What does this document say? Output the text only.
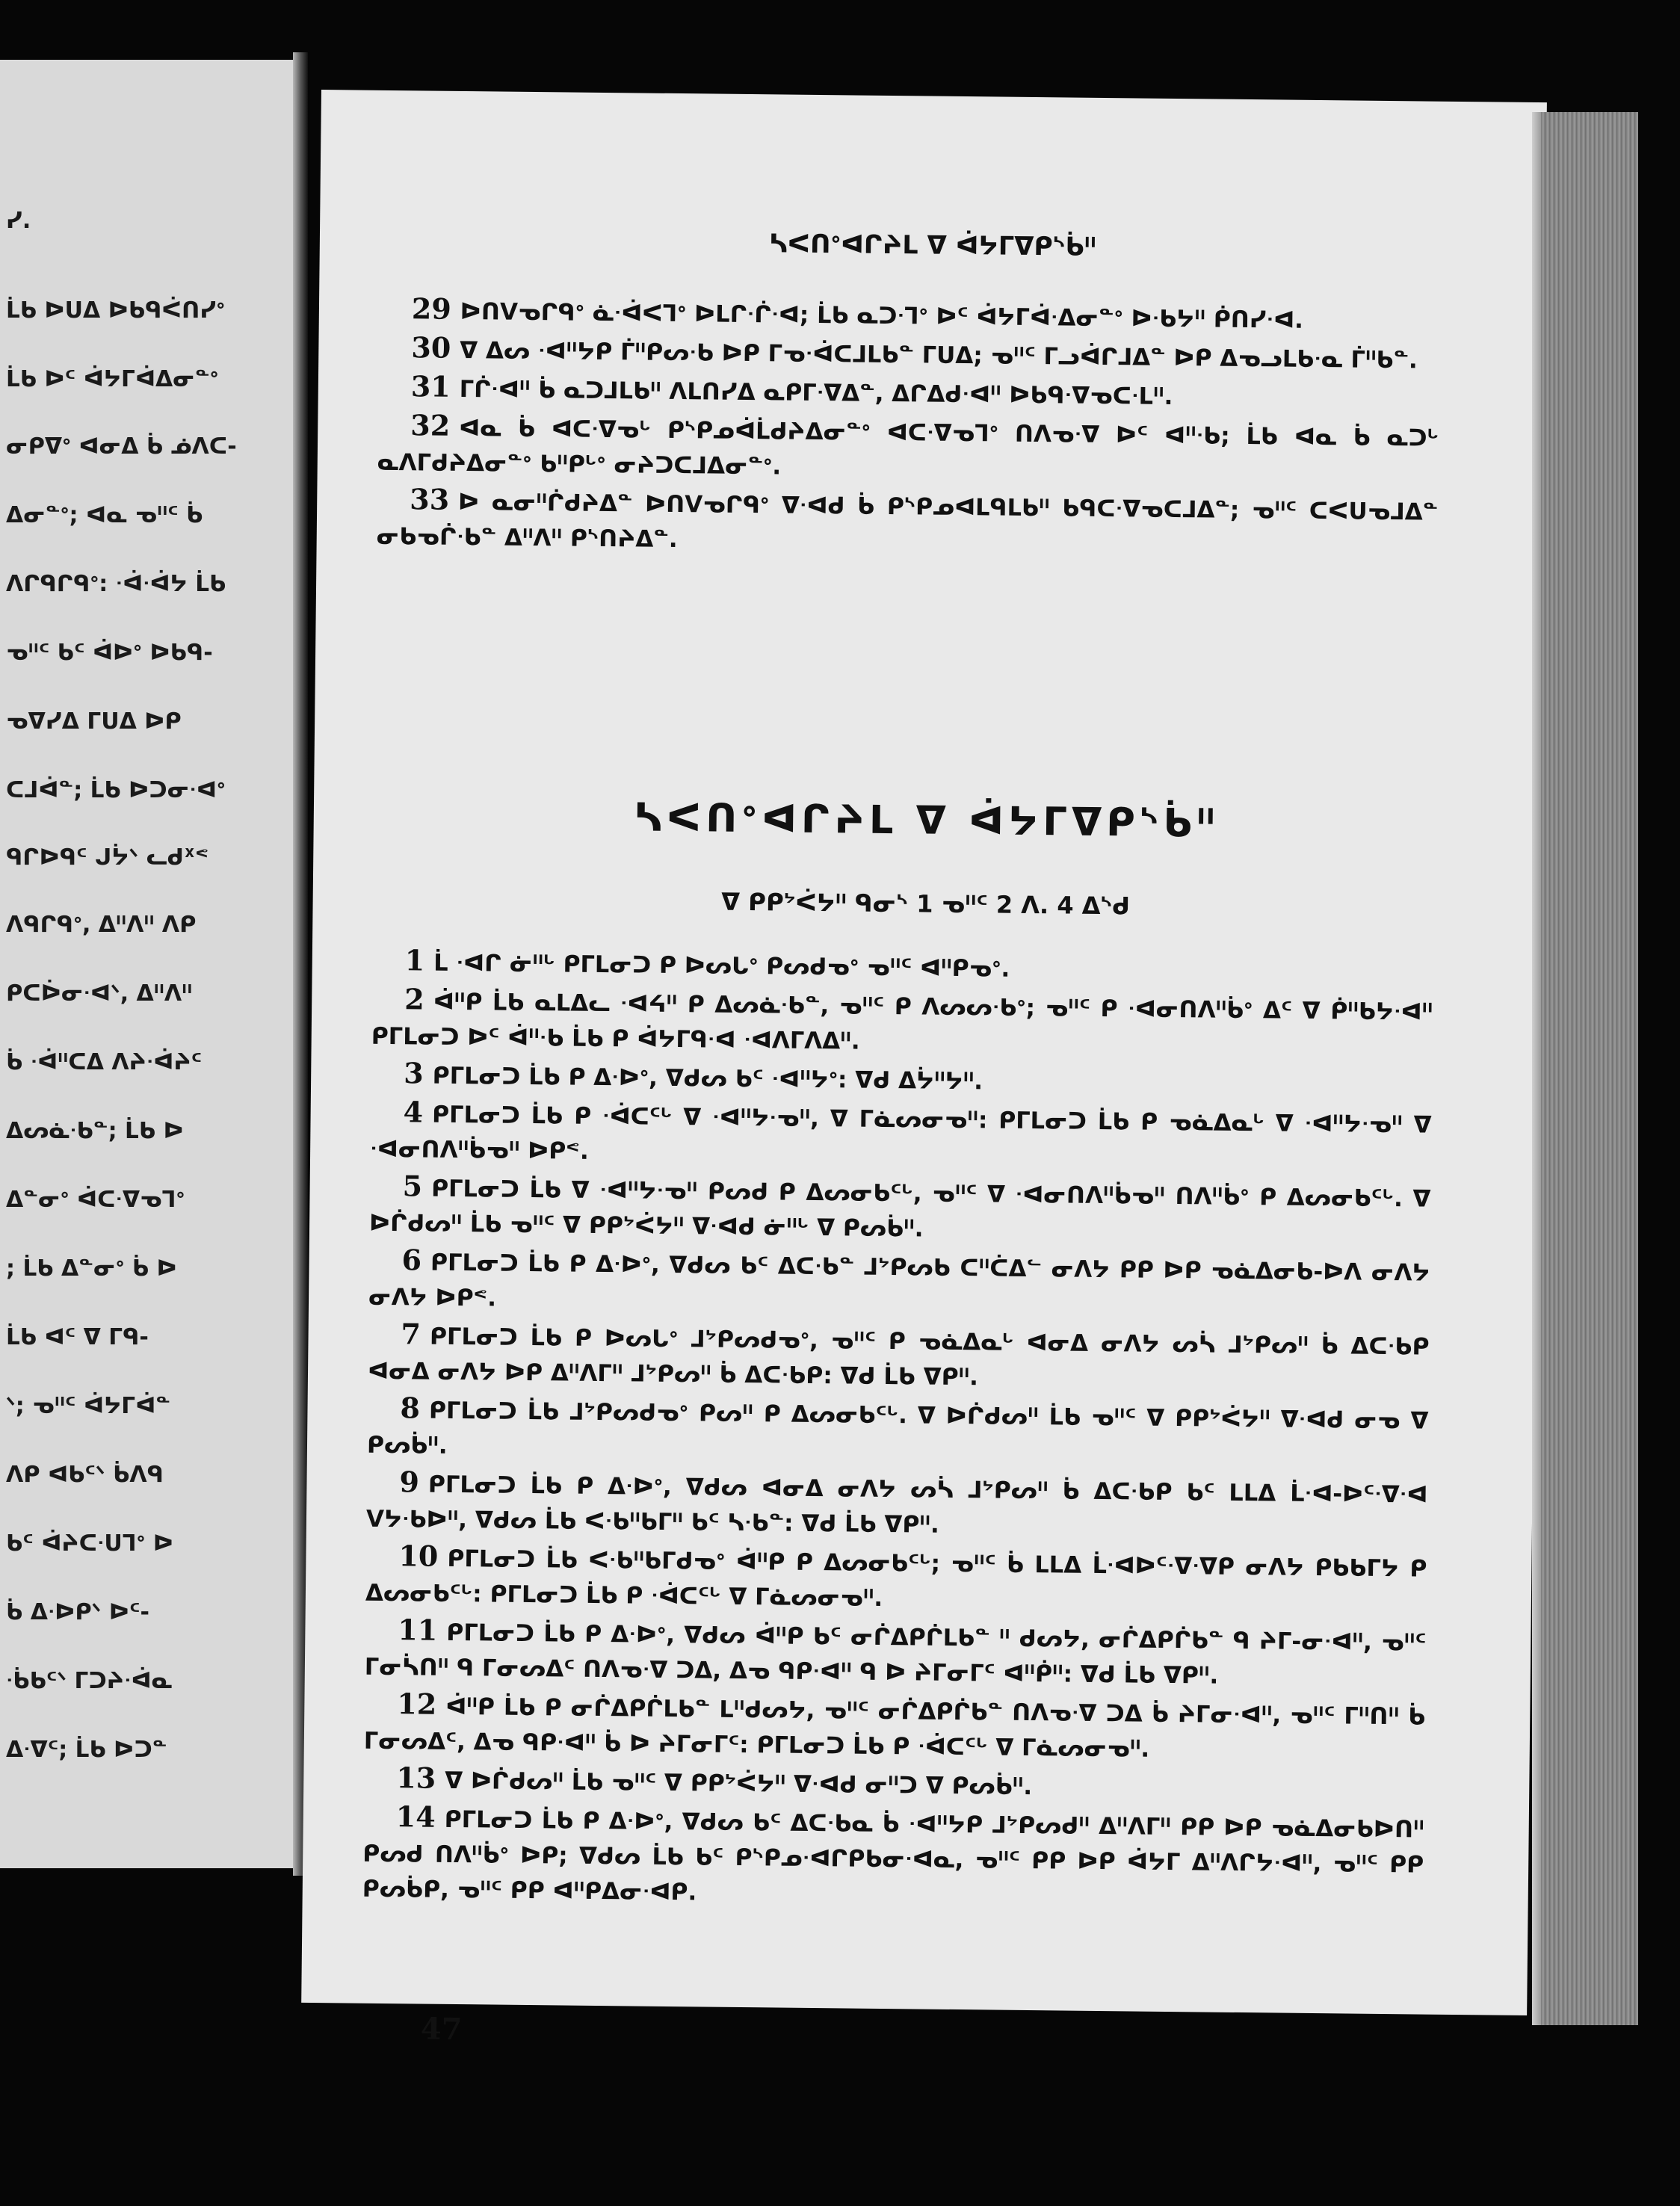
ᓯ.
ᒫᑲ ᐅᑌᐃ ᐅᑲᑫᐹᑎᓯᐤ
ᒫᑲ ᐅᑦ ᐋᔭᒥᐋᐃᓂᓐᐤ
ᓂᑭᐁᐤ ᐊᓂᐃ ᑳ ᓅᐱᑕ-
ᐃᓂᓐᐤ; ᐊᓇ ᓀᐦᑦ ᑳ
ᐱᒋᑫᒋᑫᐤ: ᐧᐋᐧᐋᔭ ᒫᑲ
ᓀᐦᑦ ᑲᑦ ᐋᐅᐤ ᐅᑲᑫ-
ᓀᐁᓯᐃ ᒥᑌᐃ ᐅᑭ
ᑕᒧᐋᓐ; ᒫᑲ ᐅᑐᓂᐧᐊᐤ
ᑫᒋᐅᑫᑦ ᒍᔮᐠ ᓚᑯᕽᕝ
ᐱᑫᒋᑫᐤ, ᐃᐦᐱᐦ ᐱᑭ
ᑭᑕᐆᓂᐧᐊᐠ, ᐃᐦᐱᐦ
ᑳ ᐧᐋᐦᑕᐃ ᐱᔨᐧᐋᔨᑦ
ᐃᔕᓈᐧᑲᓐ; ᒫᑲ ᐅ
ᐃᓐᓂᐤ ᐋᑕᐧᐁᓀᒣᐤ
; ᒫᑲ ᐃᓐᓂᐤ ᑳ ᐅ
ᒫᑲ ᐊᑦ ᐁ ᒥᑫ-
ᐠ; ᓀᐦᑦ ᐋᔭᒥᐋᓐ
ᐱᑭ ᐊᑲᑦᐠ ᑳᐱᑫ
ᑲᑦ ᐋᔨᑕᐧᑌᒣᐤ ᐅ
ᑳ ᐃᐧᐅᑭᐠ ᐅᑦ-
ᐧᑳᑲᑦᐠ ᒥᑐᔨᐧᐋᓇ
ᐃᐧᐁᑦ; ᒫᑲ ᐅᑐᓐ
ᓴᐸᑎᐤᐊᒋᔨᒪ ᐁ ᐋᔭᒥᐁᑭᔅᑳᐦ

29 ᐅᑎᐯᓀᒋᑫᐤ ᓈᐧᐋᐸᒣᐤ ᐅᒪᒋᐧᒌᐧᐊ; ᒫᑲ ᓇᑐᐧᒣᐤ ᐅᑦ ᐋᔭᒥᐋᐧᐃᓂᓐᐤ ᐅᐧᑲᔭᐦ ᑮᑎᓯᐧᐊ.

30 ᐁ ᐃᔕ ᐧᐊᐦᔭᑭ ᒦᐦᑭᔕᐧᑲ ᐅᑭ ᒥᓀᐧᐋᑕᒧᒪᑲᓐ ᒥᑌᐃ; ᓀᐦᑦ ᒥᓗᐋᒋᒧᐃᓐ ᐅᑭ ᐃᓀᓗᒪᑲᐧᓇ ᒦᐦᑲᓐ.

31 ᒥᒌᐧᐊᐦ ᑳ ᓇᑐᒧᒪᑲᐦ ᐱᒪᑎᓯᐃ ᓇᑭᒥᐧᐁᐃᓐ, ᐃᒋᐃᑯᐧᐊᐦ ᐅᑲᑫᐧᐁᓀᑕᐧᒪᐦ.

32 ᐊᓇ ᑳ ᐊᑕᐧᐁᓀᒡ ᑭᔅᑭᓄᐋᒫᑯᔨᐃᓂᓐᐤ ᐊᑕᐧᐁᓀᒣᐤ ᑎᐱᓀᐧᐁ ᐅᑦ ᐊᐦᐧᑲ; ᒫᑲ ᐊᓇ ᑳ ᓇᑐᒡ ᓇᐱᒥᑯᔨᐃᓂᓐᐤ ᑲᐦᑭᒡᐤ ᓂᔨᑐᑕᒧᐃᓂᓐᐤ.

33 ᐅ ᓇᓂᐦᒌᑯᔨᐃᓐ ᐅᑎᐯᓀᒋᑫᐤ ᐁᐧᐊᑯ ᑳ ᑭᔅᑭᓄᐊᒪᑫᒪᑲᐦ ᑲᑫᑕᐧᐁᓀᑕᒧᐃᓐ; ᓀᐦᑦ ᑕᐸᑌᓀᒧᐃᓐ ᓂᑲᓀᒌᐧᑲᓐ ᐃᐦᐱᐦ ᑭᔅᑎᔨᐃᓐ.

ᓴᐸᑎᐤᐊᒋᔨᒪ ᐁ ᐋᔭᒥᐁᑭᔅᑳᐦ
ᐁ ᑭᑭᔾᐹᔭᐦ ᑫᓂᔅ 1 ᓀᐦᑦ 2 ᐱ. 4 ᐃᔅᑯ

1 ᒫ ᐧᐊᒋ ᓃᐦᒡ ᑭᒥᒪᓂᑐ ᑭ ᐅᔕᒐᐤ ᑭᔕᑯᓀᐤ ᓀᐦᑦ ᐊᐦᑭᓀᐤ.

2 ᐋᐦᑭ ᒫᑲ ᓇᒪᐃᓚ ᐧᐊᔦᐦ ᑭ ᐃᔕᓈᐧᑲᓐ, ᓀᐦᑦ ᑭ ᐱᔕᔕᐧᑲᐤ; ᓀᐦᑦ ᑭ ᐧᐊᓂᑎᐱᐦᑳᐤ ᐃᑦ ᐁ ᑮᐦᑲᔭᐧᐊᐦ ᑭᒥᒪᓂᑐ ᐅᑦ ᐋᐦᐧᑲ ᒫᑲ ᑭ ᐋᔭᒥᑫᐧᐊ ᐧᐊᐱᒥᐱᐃᐦ.

3 ᑭᒥᒪᓂᑐ ᒫᑲ ᑭ ᐃᐧᐅᐤ, ᐁᑯᔕ ᑲᑦ ᐧᐊᐦᔭᐤ: ᐁᑯ ᐃᔮᐦᔭᐦ.

4 ᑭᒥᒪᓂᑐ ᒫᑲ ᑭ ᐧᐋᑕᑦᒡ ᐁ ᐧᐊᐦᔭᐧᓀᐦ, ᐁ ᒥᓈᔕᓂᓀᐦ: ᑭᒥᒪᓂᑐ ᒫᑲ ᑭ ᓀᓈᐃᓇᒡ ᐁ ᐧᐊᐦᔭᐧᓀᐦ ᐁ ᐧᐊᓂᑎᐱᐦᑳᓀᐦ ᐅᑭᕝ.

5 ᑭᒥᒪᓂᑐ ᒫᑲ ᐁ ᐧᐊᐦᔭᐧᓀᐦ ᑭᔕᑯ ᑭ ᐃᔕᓂᑲᑦᒡ, ᓀᐦᑦ ᐁ ᐧᐊᓂᑎᐱᐦᑳᓀᐦ ᑎᐱᐦᑳᐤ ᑭ ᐃᔕᓂᑲᑦᒡ. ᐁ ᐅᒌᑯᔕᐦ ᒫᑲ ᓀᐦᑦ ᐁ ᑭᑭᔾᐹᔭᐦ ᐁᐧᐊᑯ ᓃᐦᒡ ᐁ ᑭᔕᑳᐦ.

6 ᑭᒥᒪᓂᑐ ᒫᑲ ᑭ ᐃᐧᐅᐤ, ᐁᑯᔕ ᑲᑦ ᐃᑕᐧᑲᓐ ᒧᔾᑭᔕᑲ ᑕᐦᑖᐃᓪ ᓂᐱᔭ ᑭᑭ ᐅᑭ ᓀᓈᐃᓂᑲ-ᐅᐱ ᓂᐱᔭ ᓂᐱᔭ ᐅᑭᕝ.

7 ᑭᒥᒪᓂᑐ ᒫᑲ ᑭ ᐅᔕᒐᐤ ᒧᔾᑭᔕᑯᓀᐤ, ᓀᐦᑦ ᑭ ᓀᓈᐃᓇᒡ ᐊᓂᐃ ᓂᐱᔭ ᔕᓵ ᒧᔾᑭᔕᐦ ᑳ ᐃᑕᐧᑲᑭ ᐊᓂᐃ ᓂᐱᔭ ᐅᑭ ᐃᐦᐱᒥᐦ ᒧᔾᑭᔕᐦ ᑳ ᐃᑕᐧᑲᑭ: ᐁᑯ ᒫᑲ ᐁᑭᐦ.

8 ᑭᒥᒪᓂᑐ ᒫᑲ ᒧᔾᑭᔕᑯᓀᐤ ᑭᔕᐦ ᑭ ᐃᔕᓂᑲᑦᒡ. ᐁ ᐅᒌᑯᔕᐦ ᒫᑲ ᓀᐦᑦ ᐁ ᑭᑭᔾᐹᔭᐦ ᐁᐧᐊᑯ ᓂᓀ ᐁ ᑭᔕᑳᐦ.

9 ᑭᒥᒪᓂᑐ ᒫᑲ ᑭ ᐃᐧᐅᐤ, ᐁᑯᔕ ᐊᓂᐃ ᓂᐱᔭ ᔕᓵ ᒧᔾᑭᔕᐦ ᑳ ᐃᑕᐧᑲᑭ ᑲᑦ ᒪᒪᐃ ᒫᐧᐊ-ᐅᑦᐧᐁᐧᐊ ᐯᔭᐧᑲᐅᐦ, ᐁᑯᔕ ᒫᑲ ᐸᐧᑲᐦᑲᒥᐦ ᑲᑦ ᓴᐧᑲᓐ: ᐁᑯ ᒫᑲ ᐁᑭᐦ.

10 ᑭᒥᒪᓂᑐ ᒫᑲ ᐸᐧᑲᐦᑲᒥᑯᓀᐤ ᐋᐦᑭ ᑭ ᐃᔕᓂᑲᑦᒡ; ᓀᐦᑦ ᑳ ᒪᒪᐃ ᒫᐧᐊᐅᑦᐧᐁᐧᐁᑭ ᓂᐱᔭ ᑭᑲᑲᒥᔭ ᑭ ᐃᔕᓂᑲᑦᒡ: ᑭᒥᒪᓂᑐ ᒫᑲ ᑭ ᐧᐋᑕᑦᒡ ᐁ ᒥᓈᔕᓂᓀᐦ.

11 ᑭᒥᒪᓂᑐ ᒫᑲ ᑭ ᐃᐧᐅᐤ, ᐁᑯᔕ ᐋᐦᑭ ᑲᑦ ᓂᒌᐃᑭᒌᒪᑲᓐ ᐦ ᑯᔕᔭ, ᓂᒌᐃᑭᒌᑲᓐ ᑫ ᔨᒥ-ᓂᐧᐊᐦ, ᓀᐦᑦ ᒥᓂᓵᑎᐦ ᑫ ᒥᓂᔕᐃᑦ ᑎᐱᓀᐧᐁ ᑐᐃ, ᐃᓀ ᑫᑭᐧᐊᐦ ᑫ ᐅ ᔨᒥᓂᒥᑦ ᐊᐦᑮᐦ: ᐁᑯ ᒫᑲ ᐁᑭᐦ.

12 ᐋᐦᑭ ᒫᑲ ᑭ ᓂᒌᐃᑭᒌᒪᑲᓐ ᒪᐦᑯᔕᔭ, ᓀᐦᑦ ᓂᒌᐃᑭᒌᑲᓐ ᑎᐱᓀᐧᐁ ᑐᐃ ᑳ ᔨᒥᓂᐧᐊᐦ, ᓀᐦᑦ ᒥᐦᑎᐦ ᑳ ᒥᓂᔕᐃᑦ, ᐃᓀ ᑫᑭᐧᐊᐦ ᑳ ᐅ ᔨᒥᓂᒥᑦ: ᑭᒥᒪᓂᑐ ᒫᑲ ᑭ ᐧᐋᑕᑦᒡ ᐁ ᒥᓈᔕᓂᓀᐦ.

13 ᐁ ᐅᒌᑯᔕᐦ ᒫᑲ ᓀᐦᑦ ᐁ ᑭᑭᔾᐹᔭᐦ ᐁᐧᐊᑯ ᓂᐦᑐ ᐁ ᑭᔕᑳᐦ.

14 ᑭᒥᒪᓂᑐ ᒫᑲ ᑭ ᐃᐧᐅᐤ, ᐁᑯᔕ ᑲᑦ ᐃᑕᐧᑲᓇ ᑳ ᐧᐊᐦᔭᑭ ᒧᔾᑭᔕᑯᐦ ᐃᐦᐱᒥᐦ ᑭᑭ ᐅᑭ ᓀᓈᐃᓂᑲᐅᑎᐦ ᑭᔕᑯ ᑎᐱᐦᑳᐤ ᐅᑭ; ᐁᑯᔕ ᒫᑲ ᑲᑦ ᑭᔅᑭᓄᐧᐊᒋᑭᑲᓂᐧᐊᓇ, ᓀᐦᑦ ᑭᑭ ᐅᑭ ᐋᔭᒥ ᐃᐦᐱᒋᔭᐧᐊᐦ, ᓀᐦᑦ ᑭᑭ ᑭᔕᑳᑭ, ᓀᐦᑦ ᑭᑭ ᐊᐦᑭᐃᓂᐧᐊᑭ.

47
